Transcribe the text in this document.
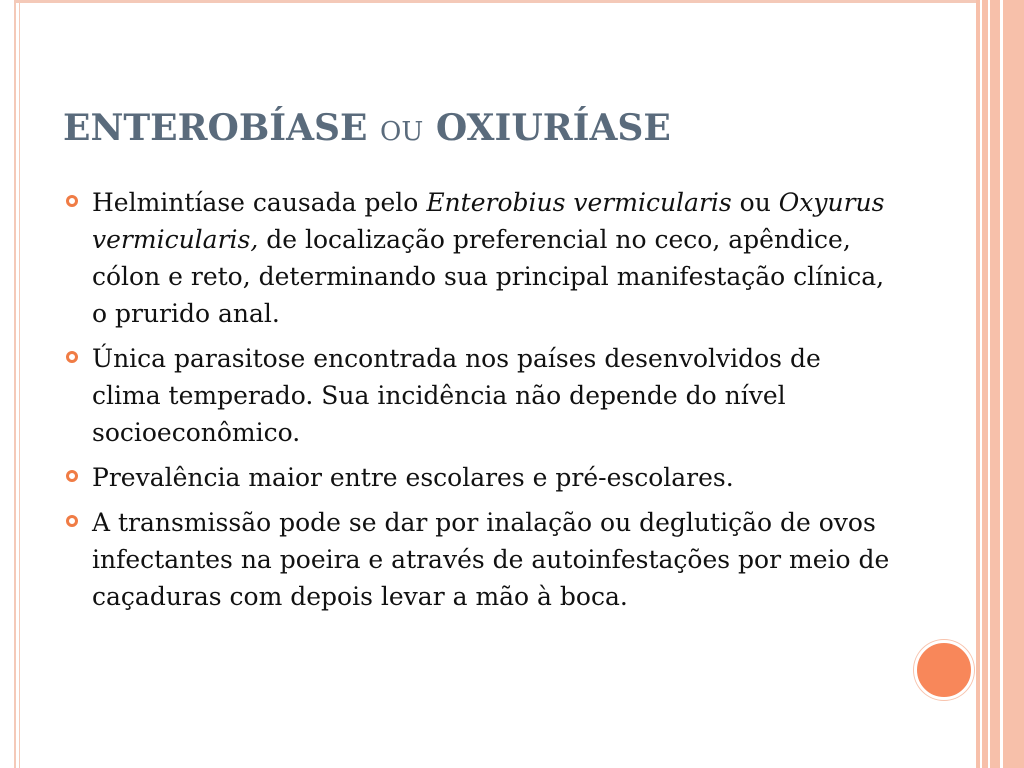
ENTEROBÍASE OU OXIURÍASE
Helmintíase causada pelo Enterobius vermicularis ou Oxyurus vermicularis, de localização preferencial no ceco, apêndice, cólon e reto, determinando sua principal manifestação clínica, o prurido anal.
Única parasitose encontrada nos países desenvolvidos de clima temperado. Sua incidência não depende do nível socioeconômico.
Prevalência maior entre escolares e pré-escolares.
A transmissão pode se dar por inalação ou deglutição de ovos infectantes na poeira e através de autoinfestações por meio de caçaduras com depois levar a mão à boca.
